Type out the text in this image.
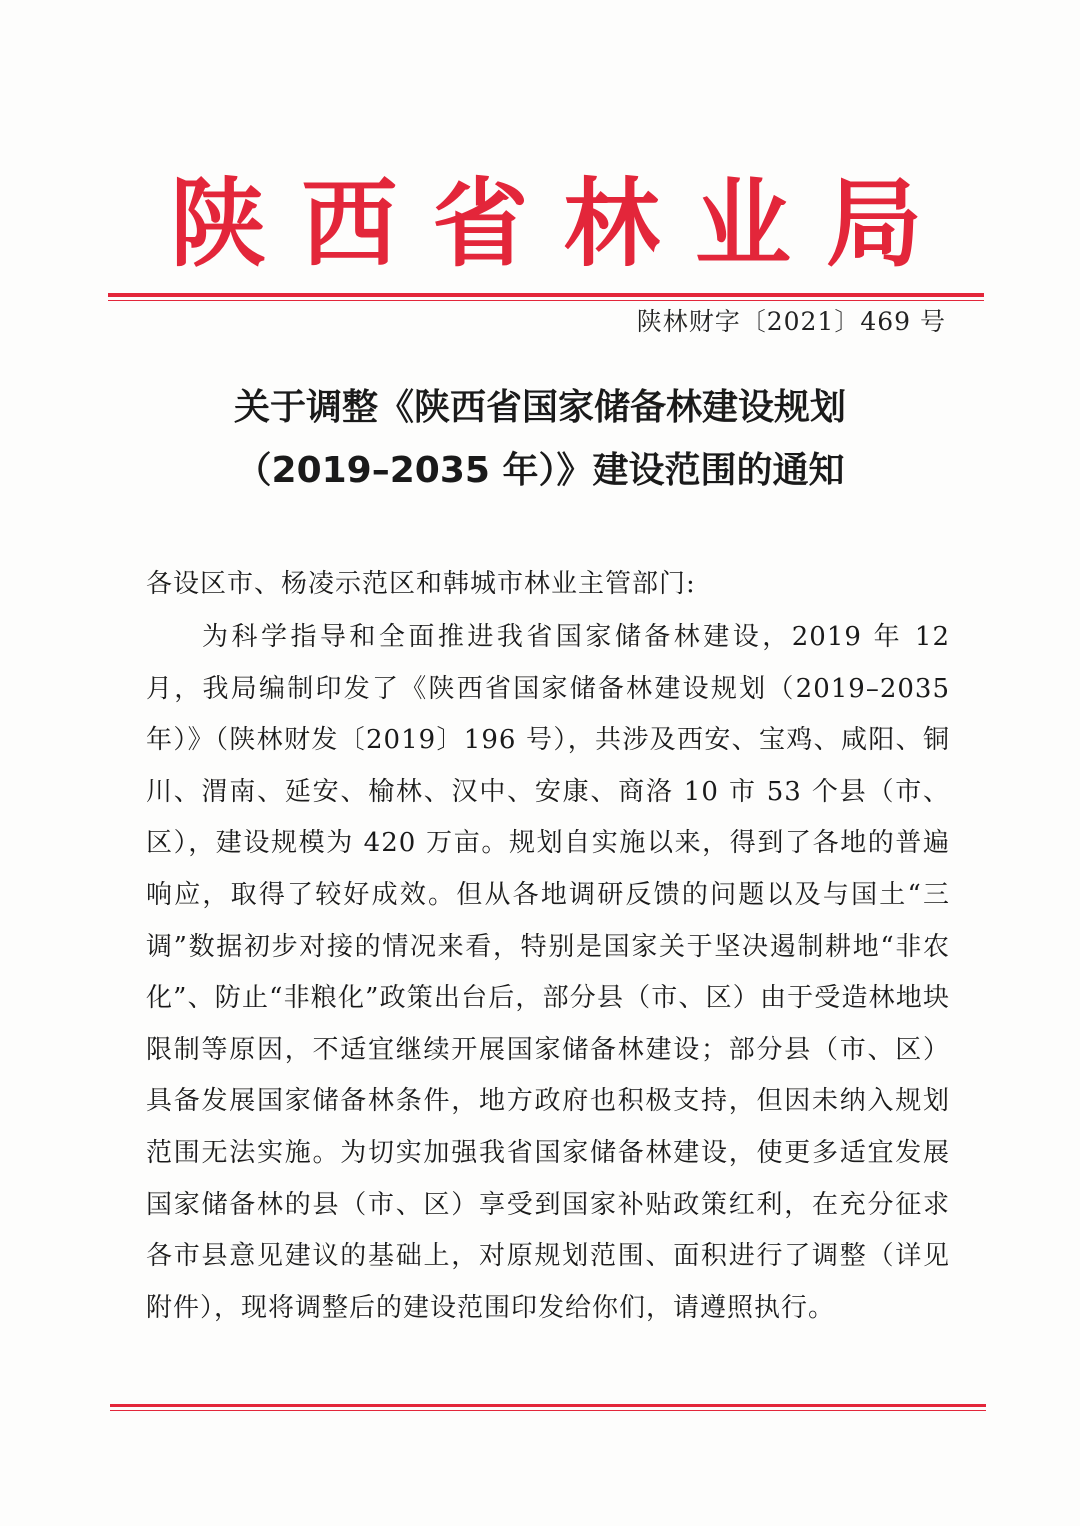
陕 西 省 林 业 局
陕林财字〔2021〕469 号
关于调整《陕西省国家储备林建设规划
（2019–2035 年）》建设范围的通知
各设区市、杨凌示范区和韩城市林业主管部门:

为科学指导和全面推进我省国家储备林建设，2019 年 12 月，我局编制印发了《陕西省国家储备林建设规划（2019–2035 年）》（陕林财发〔2019〕196 号），共涉及西安、宝鸡、咸阳、铜川、渭南、延安、榆林、汉中、安康、商洛 10 市 53 个县（市、区），建设规模为 420 万亩。规划自实施以来，得到了各地的普遍响应，取得了较好成效。但从各地调研反馈的问题以及与国土“三调”数据初步对接的情况来看，特别是国家关于坚决遏制耕地“非农化”、防止“非粮化”政策出台后，部分县（市、区）由于受造林地块限制等原因，不适宜继续开展国家储备林建设；部分县（市、区）具备发展国家储备林条件，地方政府也积极支持，但因未纳入规划范围无法实施。为切实加强我省国家储备林建设，使更多适宜发展国家储备林的县（市、区）享受到国家补贴政策红利，在充分征求各市县意见建议的基础上，对原规划范围、面积进行了调整（详见附件），现将调整后的建设范围印发给你们，请遵照执行。
